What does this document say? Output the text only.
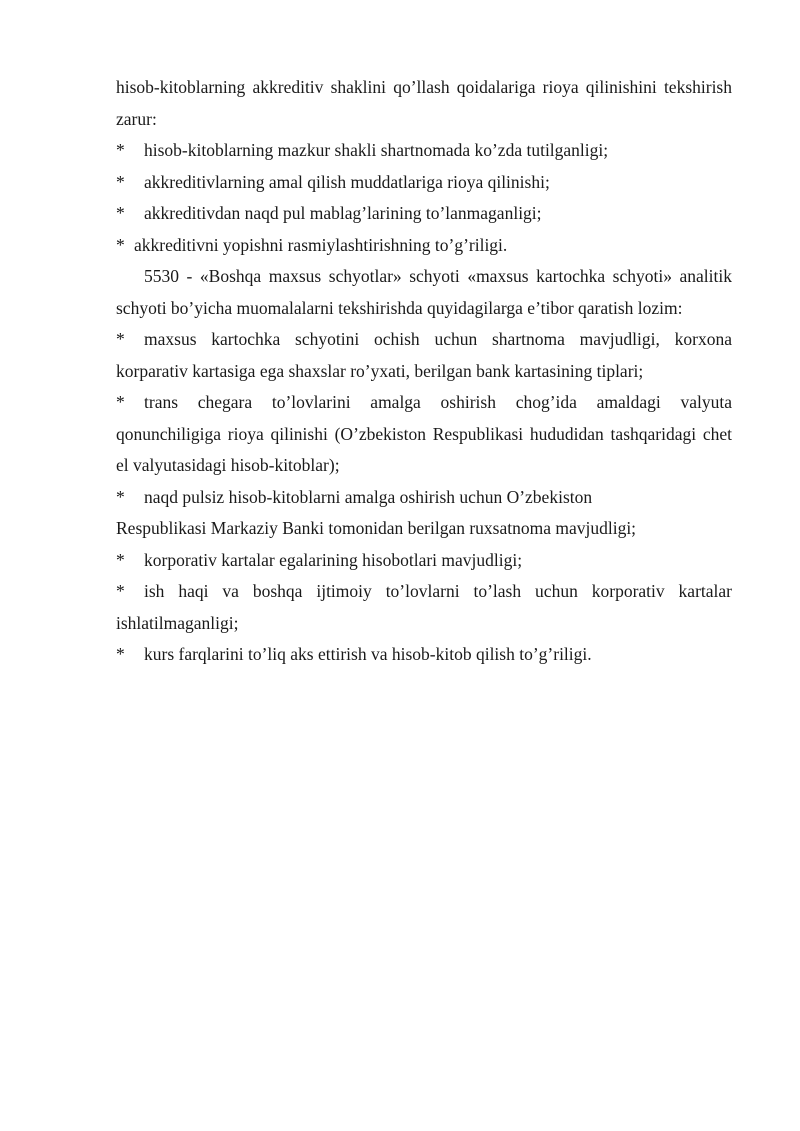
hisob-kitoblarning akkreditiv shaklini qo’llash qoidalariga rioya qilinishini tekshirish zarur:

*	hisob-kitoblarning mazkur shakli shartnomada ko’zda tutilganligi;
*	akkreditivlarning amal qilish muddatlariga rioya qilinishi;
*	akkreditivdan naqd pul mablag’larining to’lanmaganligi;

* akkreditivni yopishni rasmiylashtirishning to’g’riligi.

5530 - «Boshqa maxsus schyotlar» schyoti «maxsus kartochka schyoti» analitik schyoti bo’yicha muomalalarni tekshirishda quyidagilarga e’tibor qaratish lozim:

* maxsus kartochka schyotini ochish uchun shartnoma mavjudligi, korxona korparativ kartasiga ega shaxslar ro’yxati, berilgan bank kartasining tiplari;

* trans chegara to’lovlarini amalga oshirish chog’ida amaldagi valyuta qonunchiligiga rioya qilinishi (O’zbekiston Respublikasi hududidan tashqaridagi chet el valyutasidagi hisob-kitoblar);

*	naqd pulsiz hisob-kitoblarni amalga oshirish uchun O’zbekiston

Respublikasi Markaziy Banki tomonidan berilgan ruxsatnoma mavjudligi;

*	korporativ kartalar egalarining hisobotlari mavjudligi;

* ish haqi va boshqa ijtimoiy to’lovlarni to’lash uchun korporativ kartalar ishlatilmaganligi;

*	kurs farqlarini to’liq aks ettirish va hisob-kitob qilish to’g’riligi.
